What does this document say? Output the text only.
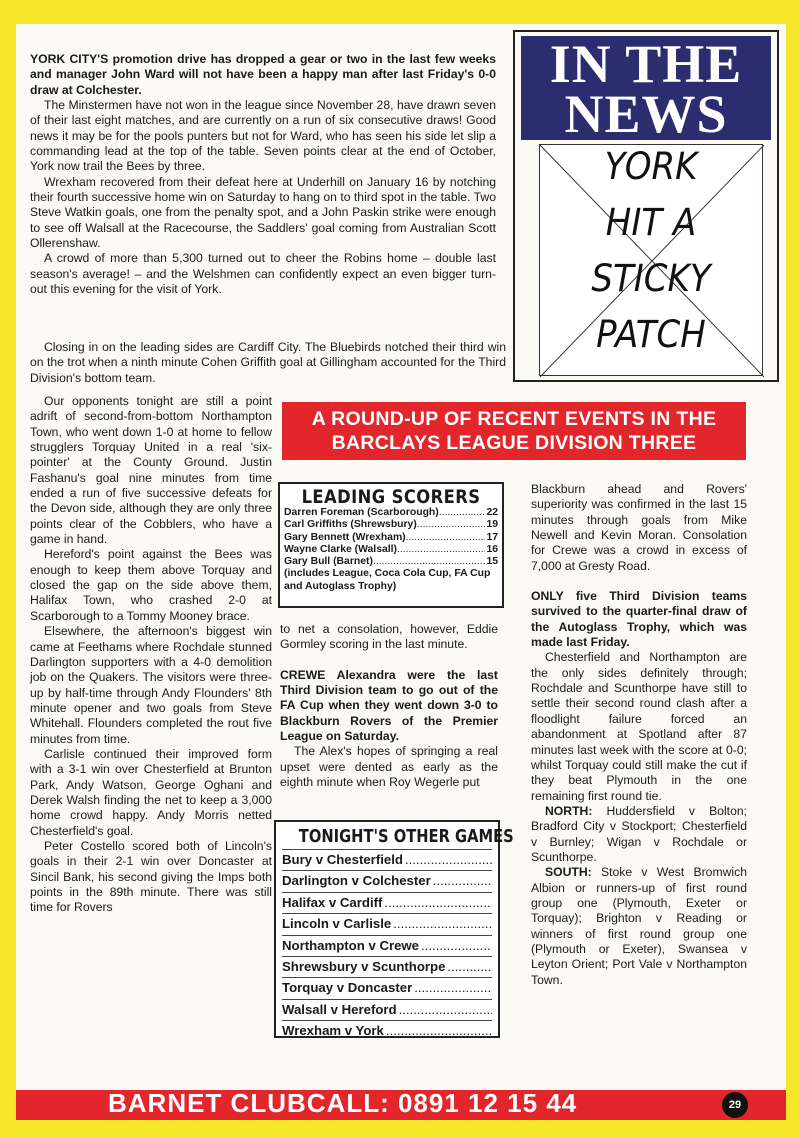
YORK CITY'S promotion drive has dropped a gear or two in the last few weeks and manager John Ward will not have been a happy man after last Friday's 0-0 draw at Colchester.

The Minstermen have not won in the league since November 28, have drawn seven of their last eight matches, and are currently on a run of six consecutive draws! Good news it may be for the pools punters but not for Ward, who has seen his side let slip a commanding lead at the top of the table. Seven points clear at the end of October, York now trail the Bees by three.

Wrexham recovered from their defeat here at Underhill on January 16 by notching their fourth successive home win on Saturday to hang on to third spot in the table. Two Steve Watkin goals, one from the penalty spot, and a John Paskin strike were enough to see off Walsall at the Racecourse, the Saddlers' goal coming from Australian Scott Ollerenshaw.

A crowd of more than 5,300 turned out to cheer the Robins home – double last season's average! – and the Welshmen can confidently expect an even bigger turn-out this evening for the visit of York.

Closing in on the leading sides are Cardiff City. The Bluebirds notched their third win on the trot when a ninth minute Cohen Griffith goal at Gillingham accounted for the Third Division's bottom team.

Our opponents tonight are still a point adrift of second-from-bottom Northampton Town, who went down 1-0 at home to fellow strugglers Torquay United in a real 'six-pointer' at the County Ground. Justin Fashanu's goal nine minutes from time ended a run of five successive defeats for the Devon side, although they are only three points clear of the Cobblers, who have a game in hand.

Hereford's point against the Bees was enough to keep them above Torquay and closed the gap on the side above them, Halifax Town, who crashed 2-0 at Scarborough to a Tommy Mooney brace.

Elsewhere, the afternoon's biggest win came at Feethams where Rochdale stunned Darlington supporters with a 4-0 demolition job on the Quakers. The visitors were three-up by half-time through Andy Flounders' 8th minute opener and two goals from Steve Whitehall. Flounders completed the rout five minutes from time.

Carlisle continued their improved form with a 3-1 win over Chesterfield at Brunton Park, Andy Watson, George Oghani and Derek Walsh finding the net to keep a 3,000 home crowd happy. Andy Morris netted Chesterfield's goal.

Peter Costello scored both of Lincoln's goals in their 2-1 win over Doncaster at Sincil Bank, his second giving the Imps both points in the 89th minute. There was still time for Rovers

IN THE
NEWS
YORK
HIT A
STICKY
PATCH
A ROUND-UP OF RECENT EVENTS IN THE
BARCLAYS LEAGUE DIVISION THREE
LEADING SCORERS
Darren Foreman (Scarborough) .....	22
Carl Griffiths (Shrewsbury) .....	19
Gary Bennett (Wrexham) .....	17
Wayne Clarke (Walsall) .....	16
Gary Bull (Barnet) .....	15
(includes League, Coca Cola Cup, FA Cup and Autoglass Trophy)

to net a consolation, however, Eddie Gormley scoring in the last minute.

CREWE Alexandra were the last Third Division team to go out of the FA Cup when they went down 3-0 to Blackburn Rovers of the Premier League on Saturday.

The Alex's hopes of springing a real upset were dented as early as the eighth minute when Roy Wegerle put

TONIGHT'S OTHER GAMES
Bury v Chesterfield
.....
Darlington v Colchester
.....
Halifax v Cardiff
.....
Lincoln v Carlisle
.....
Northampton v Crewe
.....
Shrewsbury v Scunthorpe
.....
Torquay v Doncaster
.....
Walsall v Hereford
.....
Wrexham v York
.....

Blackburn ahead and Rovers' superiority was confirmed in the last 15 minutes through goals from Mike Newell and Kevin Moran. Consolation for Crewe was a crowd in excess of 7,000 at Gresty Road.

ONLY five Third Division teams survived to the quarter-final draw of the Autoglass Trophy, which was made last Friday.

Chesterfield and Northampton are the only sides definitely through; Rochdale and Scunthorpe have still to settle their second round clash after a floodlight failure forced an abandonment at Spotland after 87 minutes last week with the score at 0-0; whilst Torquay could still make the cut if they beat Plymouth in the one remaining first round tie.

NORTH: Huddersfield v Bolton; Bradford City v Stockport; Chesterfield v Burnley; Wigan v Rochdale or Scunthorpe.

SOUTH: Stoke v West Bromwich Albion or runners-up of first round group one (Plymouth, Exeter or Torquay); Brighton v Reading or winners of first round group one (Plymouth or Exeter), Swansea v Leyton Orient; Port Vale v Northampton Town.

BARNET CLUBCALL: 0891 12 15 44	29
